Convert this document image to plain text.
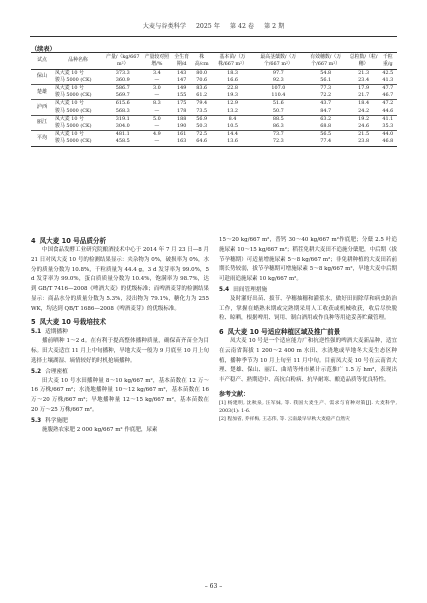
大麦与谷类科学 2025 年 第 42 卷 第 2 期
（续表）
试点	品种名称	产量/（kg/667 m²）	产量较对照增/%	全生育期/d	株高/cm	基本苗/（万株/667 m²）	最高茎蘖数/（万个/667 m²）	有效穗数/（万个/667 m²）	总粒数/（粒/穗）	千粒重/g
保山	凤大麦 10 号	373.3	3.4	143	80.0	18.3	97.7	54.8	21.3	42.5
	骏马 5000 (CK)	360.9	—	147	70.6	16.6	92.3	56.1	23.4	41.3
楚雄	凤大麦 10 号	586.7	3.0	149	83.6	22.8	107.0	77.3	17.9	47.7
	骏马 5000 (CK)	569.7	—	155	61.2	19.3	110.4	72.2	21.7	46.7
泸西	凤大麦 10 号	615.6	8.3	175	79.4	12.9	51.6	43.7	18.4	47.2
	骏马 5000 (CK)	568.3	—	178	73.5	13.2	50.7	84.7	24.2	44.6
丽江	凤大麦 10 号	319.1	5.0	188	56.9	8.4	88.5	63.2	19.2	41.1
	骏马 5000 (CK)	304.0	—	190	50.3	10.5	86.3	68.8	24.6	35.3
平均	凤大麦 10 号	481.1	4.9	161	72.5	14.4	73.7	56.5	21.5	44.0
	骏马 5000 (CK)	458.5	—	163	64.6	13.6	72.3	77.4	23.8	46.8

4 凤大麦 10 号品质分析

中国食品发酵工业研究院酿酒技术中心于 2014 年 7 月 23 日—8 月 21 日对凤大麦 10 号的检测结果显示：夹杂物为 0%，破损率为 0%，水分的质量分数为 10.8%，千粒质量为 44.4 g，3 d 发芽率为 99.0%，5 d 发芽率为 99.0%，蛋白质质量分数为 10.4%，饱满率为 98.7%，达到 GB/T 7416—2008《啤酒大麦》的优级标准；而啤酒麦芽的检测结果显示：商品水分的质量分数为 5.3%，浸出物为 79.1%，糖化力为 255 WK，均达到 QB/T 1686—2008《啤酒麦芽》的优级标准。

5 凤大麦 10 号栽培技术

5.1 适期播种

播前晒种 1～2 d。在有利于提高整体播种质量，确保苗齐苗全为目标。田大麦适宜 11 月上中旬播种，旱地大麦一般为 9 月底至 10 月上旬选择土壤湖湿、墒情较好的时机抢墒播种。

5.2 合理密植

田大麦 10 号水田播种量 8～10 kg/667 m²，基本苗数在 12 万～16 万株/667 m²；水浇地播种量 10～12 kg/667 m²，基本苗数在 16 万～20 万株/667 m²；旱地播种量 12～15 kg/667 m²，基本苗数在 20 万～25 万株/667 m²。

5.3 科学施肥

施腹熟农家肥 2 000 kg/667 m² 作底肥，尿素

15～20 kg/667 m²，普钙 30～40 kg/667 m²作底肥；分蘖 2.5 叶追施尿素 10～15 kg/667 m²；稻茬免耕大麦田不追施分蘖肥，中后期（拔节孕穗期）可适量增施尿素 5～8 kg/667 m²；非免耕种植的大麦田若前期长势较弱，拔节孕穗期可增施尿素 5～8 kg/667 m²，旱地大麦中后期可趁雨追施尿素 10 kg/667 m²。

5.4 田间管理措施

及时灌好出苗、拔节、孕穗抽穗和灌浆水，做好田间除草和病虫防治工作，掌握在蜡熟末期或完熟期采用人工收获或机械收获，收后尽快脱粒、晾晒，根据啤用、饲用、制白酒用或作良种等用途妥善贮藏管理。

6 凤大麦 10 号适应种植区域及推广前景

凤大麦 10 号是一个适应能力广和抗逆性强的啤酒大麦新品种，适宜在云南省海拔 1 200～2 400 m 水田、水浇地或旱地冬大麦生态区种植，播种季节为 10 月上旬至 11 月中旬。目前凤大麦 10 号在云南省大理、楚雄、保山、丽江、曲靖等州市累计示范推广 1.5 万 hm²，表现出丰产稳产、熟期适中、高抗白粉病、抗旱耐寒、酿造品质等优良特性。

参考文献：

[1] 杨建明, 沈秋泉, 汪军妹, 等. 我国大麦生产、需求与育种对策[J]. 大麦科学, 2003(1): 1-6.

[2] 程加省, 乔祥梅, 王志伟, 等. 云南最早早秋大麦稳产自然灾

– 63 –
